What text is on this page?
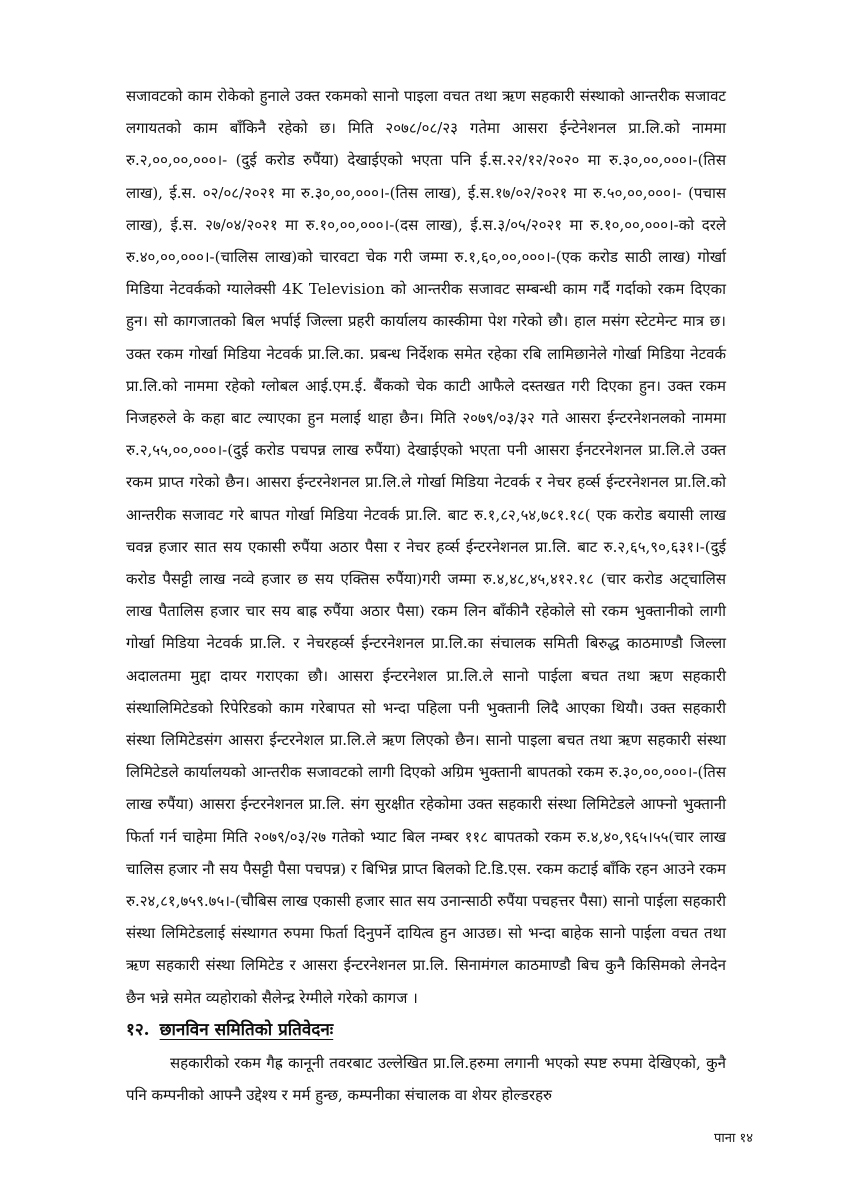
सजावटको काम रोकेको हुनाले उक्त रकमको सानो पाइला वचत तथा ऋण सहकारी संस्थाको आन्तरीक सजावट लगायतको काम बाँकिनै रहेको छ। मिति २०७८/०८/२३ गतेमा आसरा ईन्टेनेशनल प्रा.लि.को नाममा रु.२,००,००,०००।- (दुई करोड रुपैंया) देखाईएको भएता पनि ई.स.२२/१२/२०२० मा रु.३०,००,०००।-(तिस लाख), ई.स. ०२/०८/२०२१ मा रु.३०,००,०००।-(तिस लाख), ई.स.१७/०२/२०२१ मा रु.५०,००,०००।- (पचास लाख), ई.स. २७/०४/२०२१ मा रु.१०,००,०००।-(दस लाख), ई.स.३/०५/२०२१ मा रु.१०,००,०००।-को दरले रु.४०,००,०००।-(चालिस लाख)को चारवटा चेक गरी जम्मा रु.१,६०,००,०००।-(एक करोड साठी लाख) गोर्खा मिडिया नेटवर्कको ग्यालेक्सी 4K Television को आन्तरीक सजावट सम्बन्धी काम गर्दै गर्दाको रकम दिएका हुन। सो कागजातको बिल भर्पाई जिल्ला प्रहरी कार्यालय कास्कीमा पेश गरेको छौ। हाल मसंग स्टेटमेन्ट मात्र छ। उक्त रकम गोर्खा मिडिया नेटवर्क प्रा.लि.का. प्रबन्ध निर्देशक समेत रहेका रबि लामिछानेले गोर्खा मिडिया नेटवर्क प्रा.लि.को नाममा रहेको ग्लोबल आई.एम.ई. बैंकको चेक काटी आफैले दस्तखत गरी दिएका हुन। उक्त रकम निजहरुले के कहा बाट ल्याएका हुन मलाई थाहा छैन। मिति २०७९/०३/३२ गते आसरा ईन्टरनेशनलको नाममा रु.२,५५,००,०००।-(दुई करोड पचपन्न लाख रुपैंया) देखाईएको भएता पनी आसरा ईनटरनेशनल प्रा.लि.ले उक्त रकम प्राप्त गरेको छैन। आसरा ईन्टरनेशनल प्रा.लि.ले गोर्खा मिडिया नेटवर्क र नेचर हर्व्स ईन्टरनेशनल प्रा.लि.को आन्तरीक सजावट गरे बापत गोर्खा मिडिया नेटवर्क प्रा.लि. बाट रु.१,८२,५४,७८१.१८( एक करोड बयासी लाख चवन्न हजार सात सय एकासी रुपैंया अठार पैसा र नेचर हर्व्स ईन्टरनेशनल प्रा.लि. बाट रु.२,६५,९०,६३१।-(दुई करोड पैसट्टी लाख नव्वे हजार छ सय एक्तिस रुपैंया)गरी जम्मा रु.४,४८,४५,४१२.१८ (चार करोड अट्चालिस लाख पैतालिस हजार चार सय बाह्र रुपैंया अठार पैसा) रकम लिन बाँकीनै रहेकोले सो रकम भुक्तानीको लागी गोर्खा मिडिया नेटवर्क प्रा.लि. र नेचरहर्व्स ईन्टरनेशनल प्रा.लि.का संचालक समिती बिरुद्ध काठमाण्डौ जिल्ला अदालतमा मुद्दा दायर गराएका छौ। आसरा ईन्टरनेशल प्रा.लि.ले सानो पाईला बचत तथा ऋण सहकारी संस्थालिमिटेडको रिपेरिडको काम गरेबापत सो भन्दा पहिला पनी भुक्तानी लिदै आएका थियौ। उक्त सहकारी संस्था लिमिटेडसंग आसरा ईन्टरनेशल प्रा.लि.ले ऋण लिएको छैन। सानो पाइला बचत तथा ऋण सहकारी संस्था लिमिटेडले कार्यालयको आन्तरीक सजावटको लागी दिएको अग्रिम भुक्तानी बापतको रकम रु.३०,००,०००।-(तिस लाख रुपैंया) आसरा ईन्टरनेशनल प्रा.लि. संग सुरक्षीत रहेकोमा उक्त सहकारी संस्था लिमिटेडले आफ्नो भुक्तानी फिर्ता गर्न चाहेमा मिति २०७९/०३/२७ गतेको भ्याट बिल नम्बर ११८ बापतको रकम रु.४,४०,९६५।५५(चार लाख चालिस हजार नौ सय पैसट्टी पैसा पचपन्न) र बिभिन्न प्राप्त बिलको टि.डि.एस. रकम कटाई बाँकि रहन आउने रकम रु.२४,८१,७५९.७५।-(चौबिस लाख एकासी हजार सात सय उनान्साठी रुपैंया पचहत्तर पैसा) सानो पाईला सहकारी संस्था लिमिटेडलाई संस्थागत रुपमा फिर्ता दिनुपर्ने दायित्व हुन आउछ। सो भन्दा बाहेक सानो पाईला वचत तथा ऋण सहकारी संस्था लिमिटेड र आसरा ईन्टरनेशनल प्रा.लि. सिनामंगल काठमाण्डौ बिच कुनै किसिमको लेनदेन छैन भन्ने समेत व्यहोराको सैलेन्द्र रेग्मीले गरेको कागज ।

१२. छानविन समितिको प्रतिवेदनः

सहकारीको रकम गैह्र कानूनी तवरबाट उल्लेखित प्रा.लि.हरुमा लगानी भएको स्पष्ट रुपमा देखिएको, कुनै पनि कम्पनीको आफ्नै उद्देश्य र मर्म हुन्छ, कम्पनीका संचालक वा शेयर होल्डरहरु

पाना १४
